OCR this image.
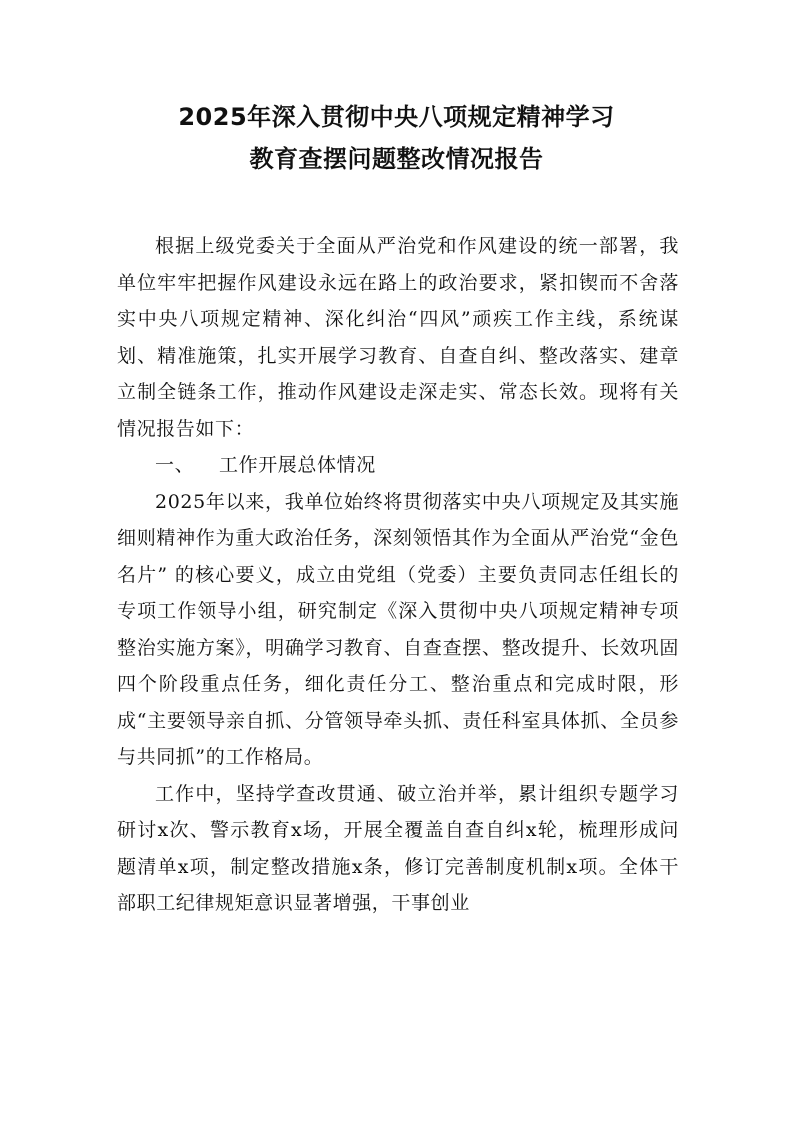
2025年深入贯彻中央八项规定精神学习
教育查摆问题整改情况报告

根据上级党委关于全面从严治党和作风建设的统一部署，我单位牢牢把握作风建设永远在路上的政治要求，紧扣锲而不舍落实中央八项规定精神、深化纠治“四风”顽疾工作主线，系统谋划、精准施策，扎实开展学习教育、自查自纠、整改落实、建章立制全链条工作，推动作风建设走深走实、常态长效。现将有关情况报告如下：

一、	工作开展总体情况

2025年以来，我单位始终将贯彻落实中央八项规定及其实施细则精神作为重大政治任务，深刻领悟其作为全面从严治党“金色名片” 的核心要义，成立由党组（党委）主要负责同志任组长的专项工作领导小组，研究制定《深入贯彻中央八项规定精神专项整治实施方案》，明确学习教育、自查查摆、整改提升、长效巩固四个阶段重点任务，细化责任分工、整治重点和完成时限，形成“主要领导亲自抓、分管领导牵头抓、责任科室具体抓、全员参与共同抓”的工作格局。

工作中，坚持学查改贯通、破立治并举，累计组织专题学习研讨x次、警示教育x场，开展全覆盖自查自纠x轮，梳理形成问题清单x项，制定整改措施x条，修订完善制度机制x项。全体干部职工纪律规矩意识显著增强，干事创业
